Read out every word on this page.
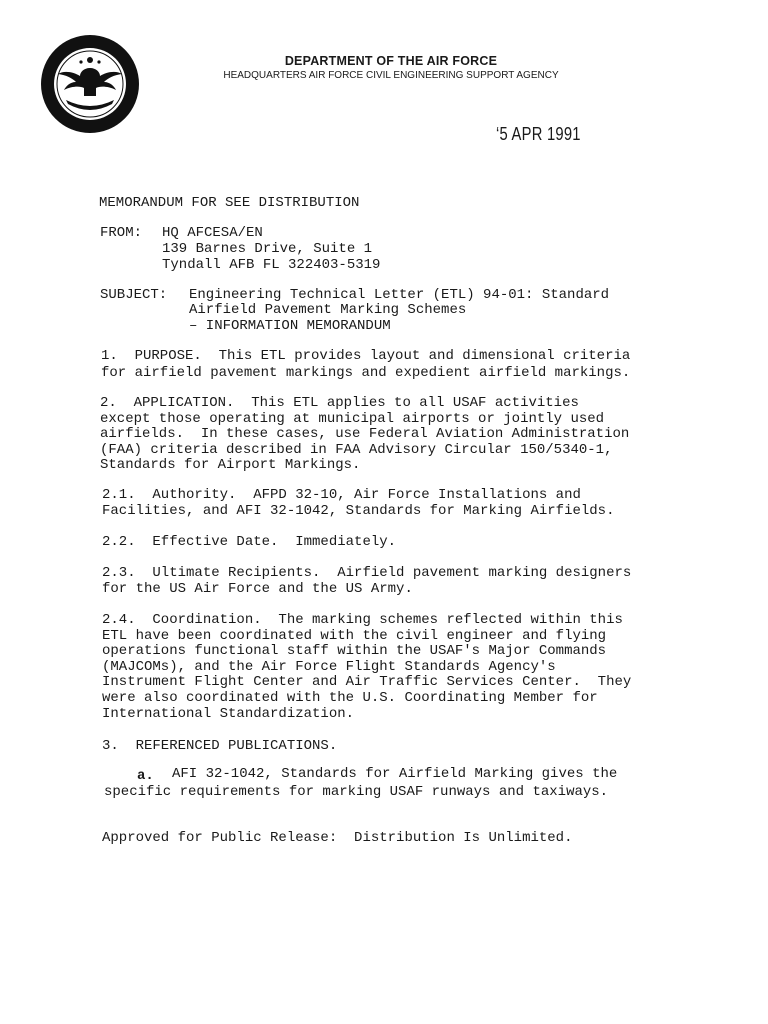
DEPARTMENT OF THE AIR FORCE
HEADQUARTERS AIR FORCE CIVIL ENGINEERING SUPPORT AGENCY
‘5 APR 1991
MEMORANDUM FOR SEE DISTRIBUTION
FROM: HQ AFCESA/EN
139 Barnes Drive, Suite 1
Tyndall AFB FL 322403-5319
SUBJECT: Engineering Technical Letter (ETL) 94-01: Standard
Airfield Pavement Marking Schemes
– INFORMATION MEMORANDUM
1.  PURPOSE.  This ETL provides layout and dimensional criteria
for airfield pavement markings and expedient airfield markings.
2.  APPLICATION.  This ETL applies to all USAF activities
except those operating at municipal airports or jointly used
airfields.  In these cases, use Federal Aviation Administration
(FAA) criteria described in FAA Advisory Circular 150/5340-1,
Standards for Airport Markings.
2.1.  Authority.  AFPD 32-10, Air Force Installations and
Facilities, and AFI 32-1042, Standards for Marking Airfields.
2.2.  Effective Date.  Immediately.
2.3.  Ultimate Recipients.  Airfield pavement marking designers
for the US Air Force and the US Army.
2.4.  Coordination.  The marking schemes reflected within this
ETL have been coordinated with the civil engineer and flying
operations functional staff within the USAF's Major Commands
(MAJCOMs), and the Air Force Flight Standards Agency's
Instrument Flight Center and Air Traffic Services Center.  They
were also coordinated with the U.S. Coordinating Member for
International Standardization.
3.  REFERENCED PUBLICATIONS.
a. AFI 32-1042, Standards for Airfield Marking gives the
specific requirements for marking USAF runways and taxiways.
Approved for Public Release:  Distribution Is Unlimited.
